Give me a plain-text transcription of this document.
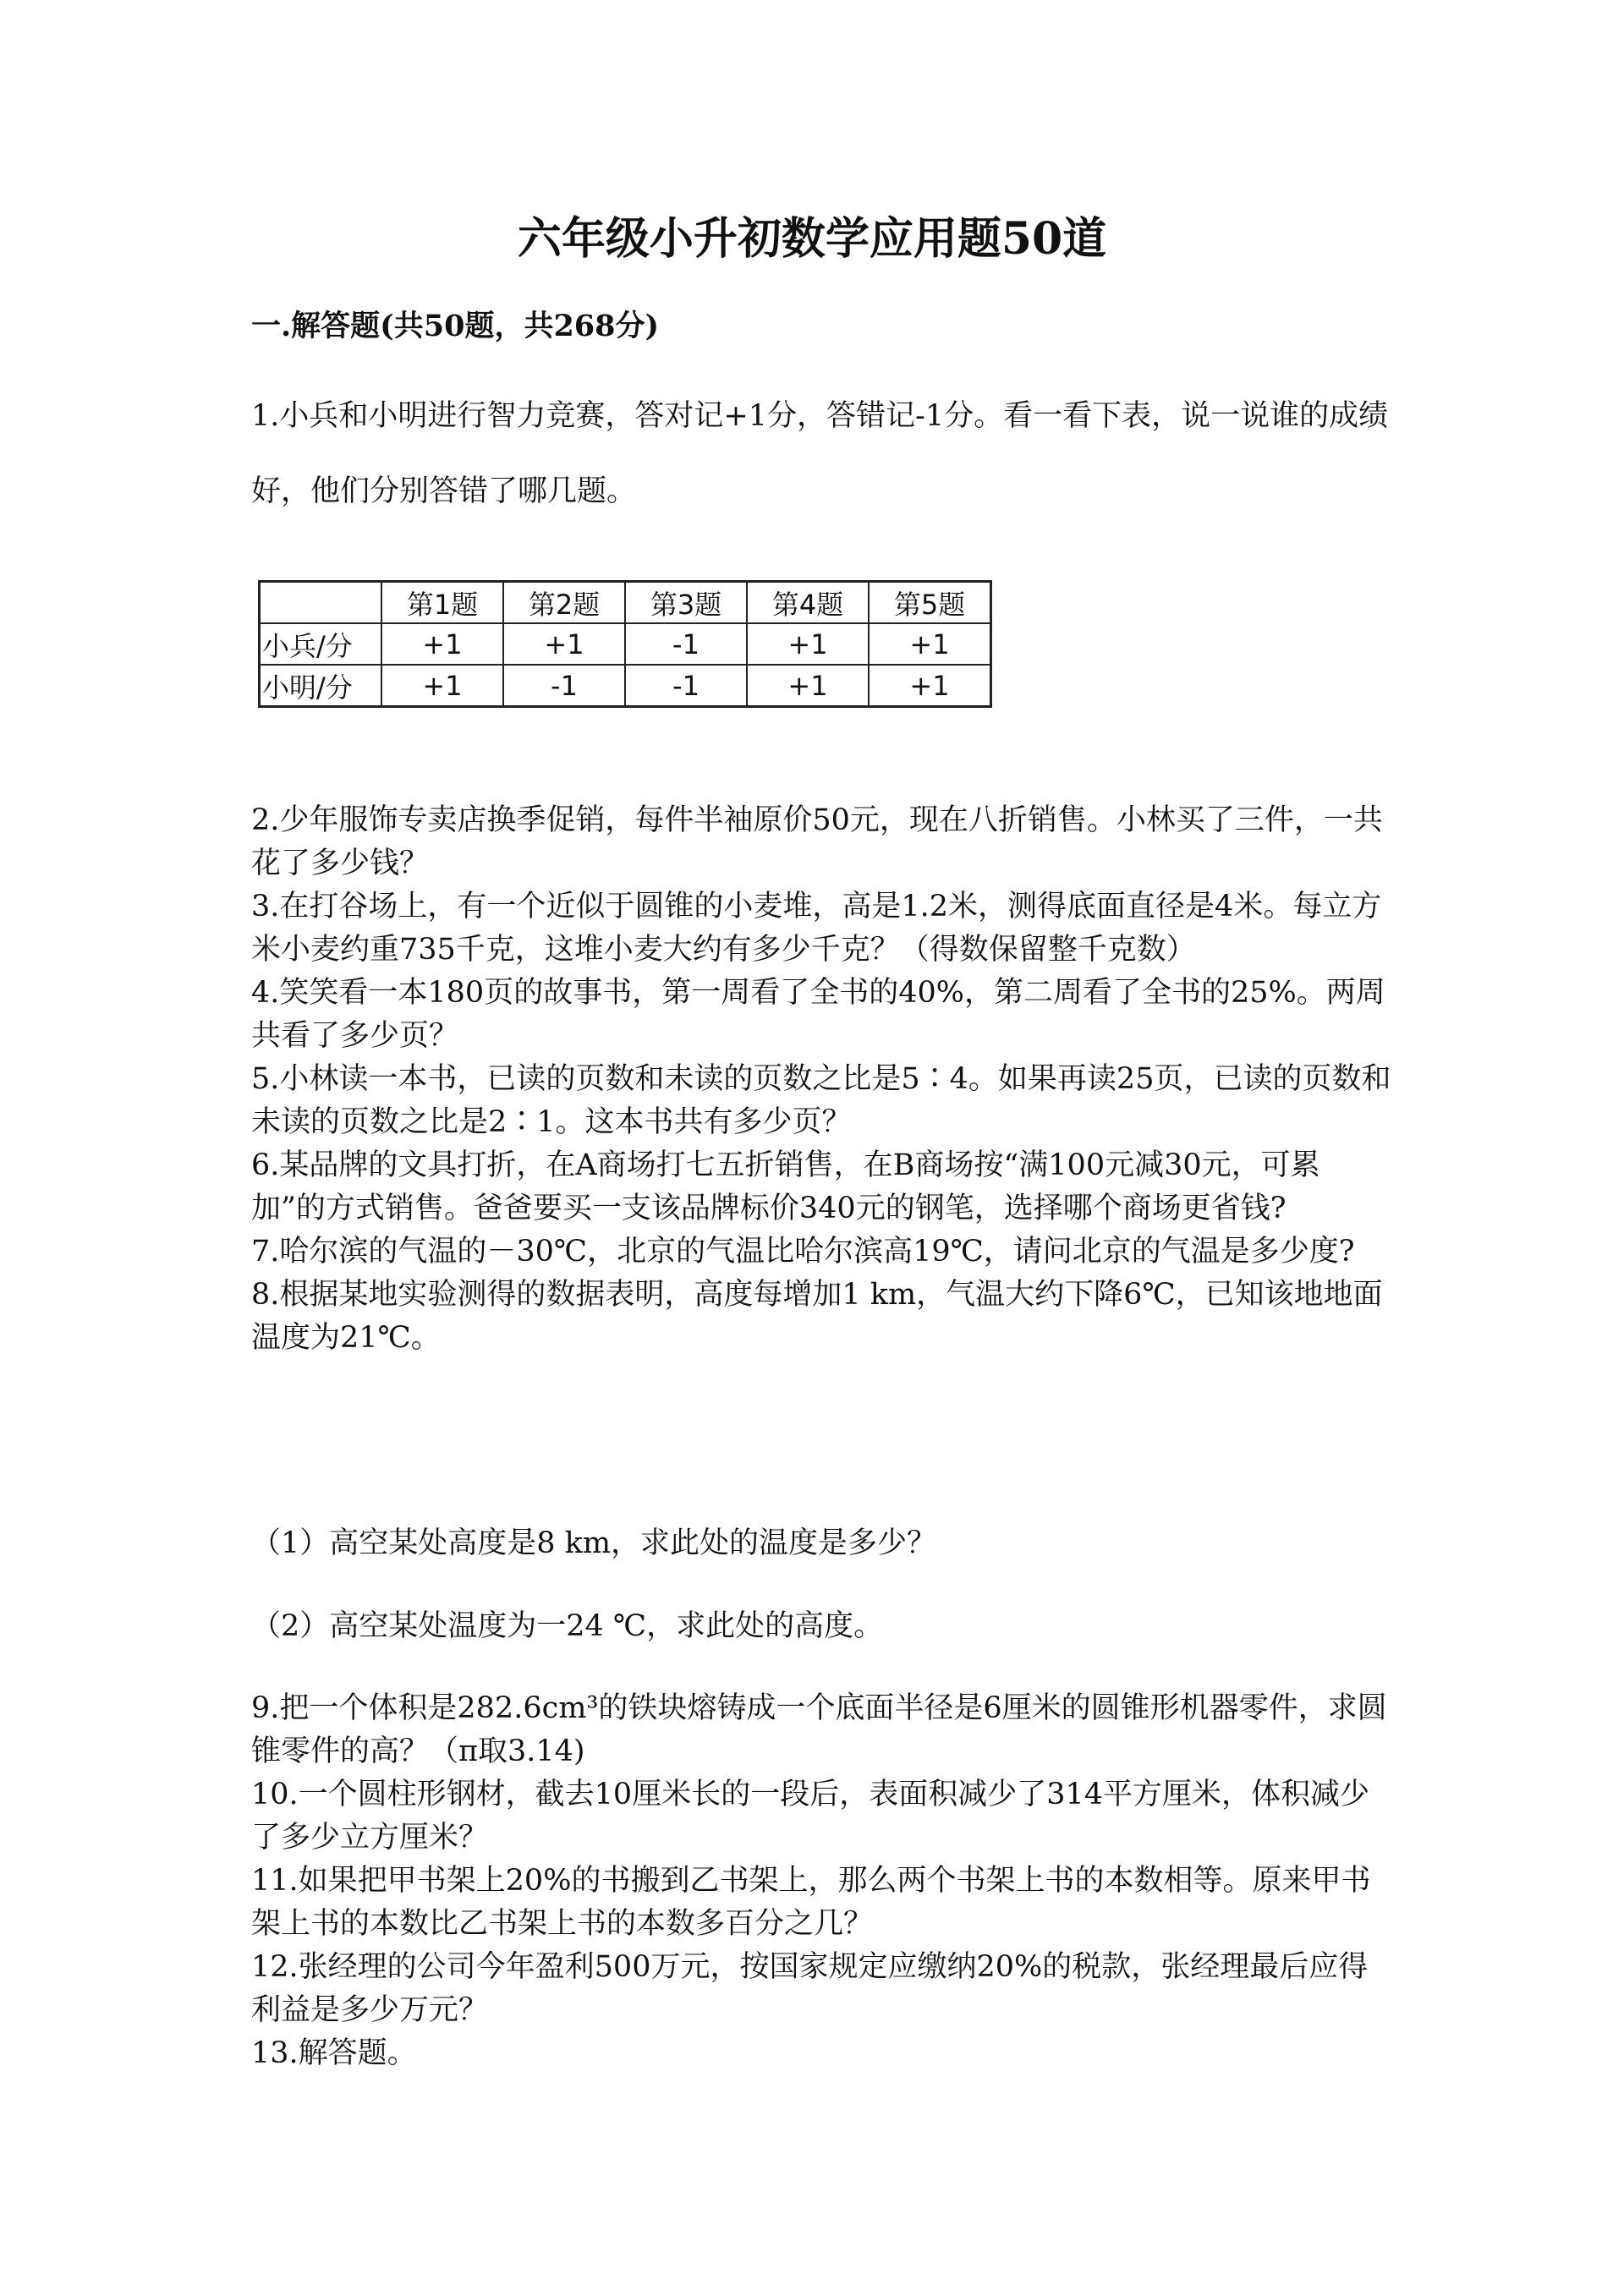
六年级小升初数学应用题50道
一.解答题(共50题，共268分)
1.小兵和小明进行智力竞赛，答对记+1分，答错记-1分。看一看下表，说一说谁的成绩好，他们分别答错了哪几题。
	第1题	第2题	第3题	第4题	第5题
小兵/分	+1	+1	-1	+1	+1
小明/分	+1	-1	-1	+1	+1
2.少年服饰专卖店换季促销，每件半袖原价50元，现在八折销售。小林买了三件，一共花了多少钱？
3.在打谷场上，有一个近似于圆锥的小麦堆，高是1.2米，测得底面直径是4米。每立方米小麦约重735千克，这堆小麦大约有多少千克？（得数保留整千克数）
4.笑笑看一本180页的故事书，第一周看了全书的40%，第二周看了全书的25%。两周共看了多少页？
5.小林读一本书，已读的页数和未读的页数之比是5∶4。如果再读25页，已读的页数和未读的页数之比是2∶1。这本书共有多少页？
6.某品牌的文具打折，在A商场打七五折销售，在B商场按“满100元减30元，可累加”的方式销售。爸爸要买一支该品牌标价340元的钢笔，选择哪个商场更省钱?
7.哈尔滨的气温的－30℃，北京的气温比哈尔滨高19℃，请问北京的气温是多少度?
8.根据某地实验测得的数据表明，高度每增加1 km，气温大约下降6℃，已知该地地面温度为21℃。
（1）高空某处高度是8 km，求此处的温度是多少？
（2）高空某处温度为一24 ℃，求此处的高度。
9.把一个体积是282.6cm³的铁块熔铸成一个底面半径是6厘米的圆锥形机器零件，求圆锥零件的高？（π取3.14)
10.一个圆柱形钢材，截去10厘米长的一段后，表面积减少了314平方厘米，体积减少了多少立方厘米？
11.如果把甲书架上20%的书搬到乙书架上，那么两个书架上书的本数相等。原来甲书架上书的本数比乙书架上书的本数多百分之几？
12.张经理的公司今年盈利500万元，按国家规定应缴纳20%的税款，张经理最后应得利益是多少万元？
13.解答题。
